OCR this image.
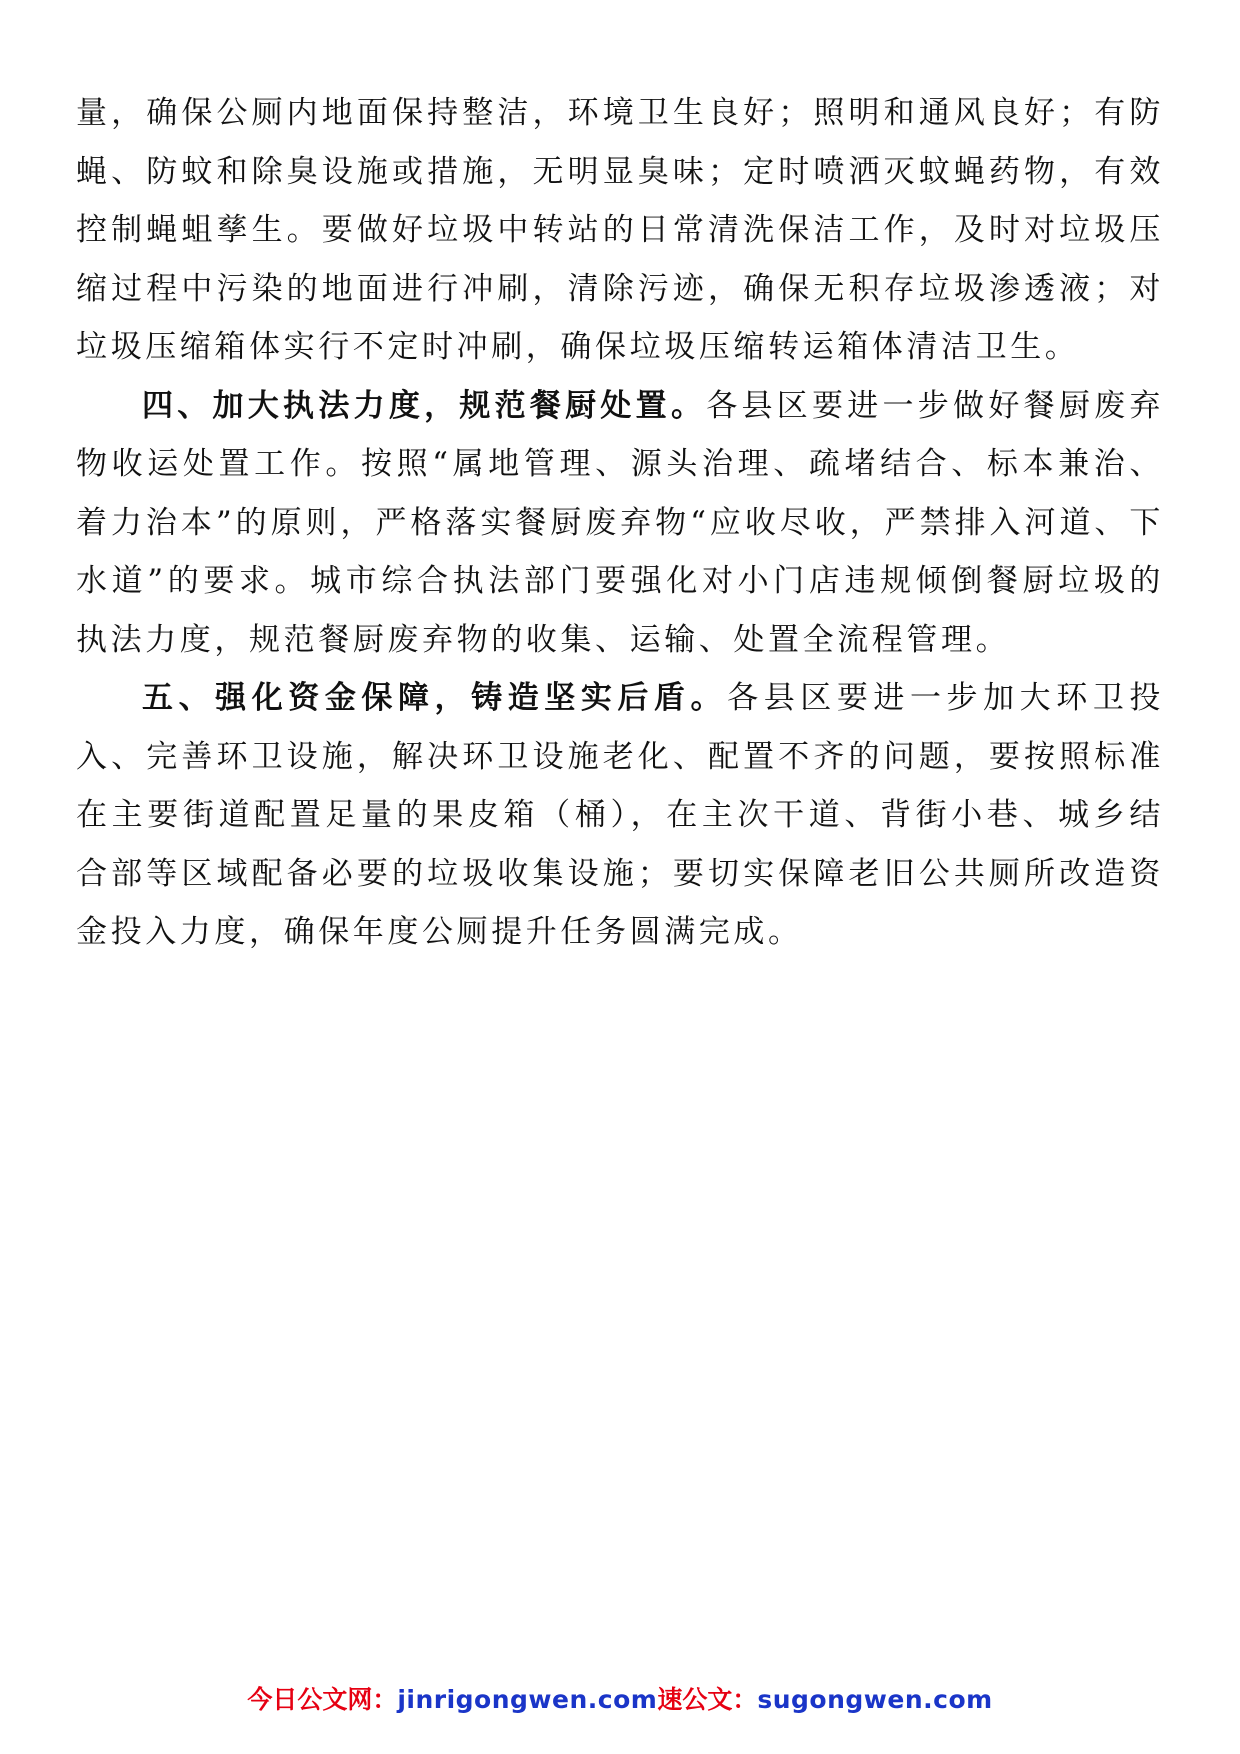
量，确保公厕内地面保持整洁，环境卫生良好；照明和通风良好；有防蝇、防蚊和除臭设施或措施，无明显臭味；定时喷洒灭蚊蝇药物，有效控制蝇蛆孳生。要做好垃圾中转站的日常清洗保洁工作，及时对垃圾压缩过程中污染的地面进行冲刷，清除污迹，确保无积存垃圾渗透液；对垃圾压缩箱体实行不定时冲刷，确保垃圾压缩转运箱体清洁卫生。

四、加大执法力度，规范餐厨处置。各县区要进一步做好餐厨废弃物收运处置工作。按照“属地管理、源头治理、疏堵结合、标本兼治、着力治本”的原则，严格落实餐厨废弃物“应收尽收，严禁排入河道、下水道”的要求。城市综合执法部门要强化对小门店违规倾倒餐厨垃圾的执法力度，规范餐厨废弃物的收集、运输、处置全流程管理。

五、强化资金保障，铸造坚实后盾。各县区要进一步加大环卫投入、完善环卫设施，解决环卫设施老化、配置不齐的问题，要按照标准在主要街道配置足量的果皮箱（桶），在主次干道、背街小巷、城乡结合部等区域配备必要的垃圾收集设施；要切实保障老旧公共厕所改造资金投入力度，确保年度公厕提升任务圆满完成。

今日公文网：jinrigongwen.com速公文：sugongwen.com
